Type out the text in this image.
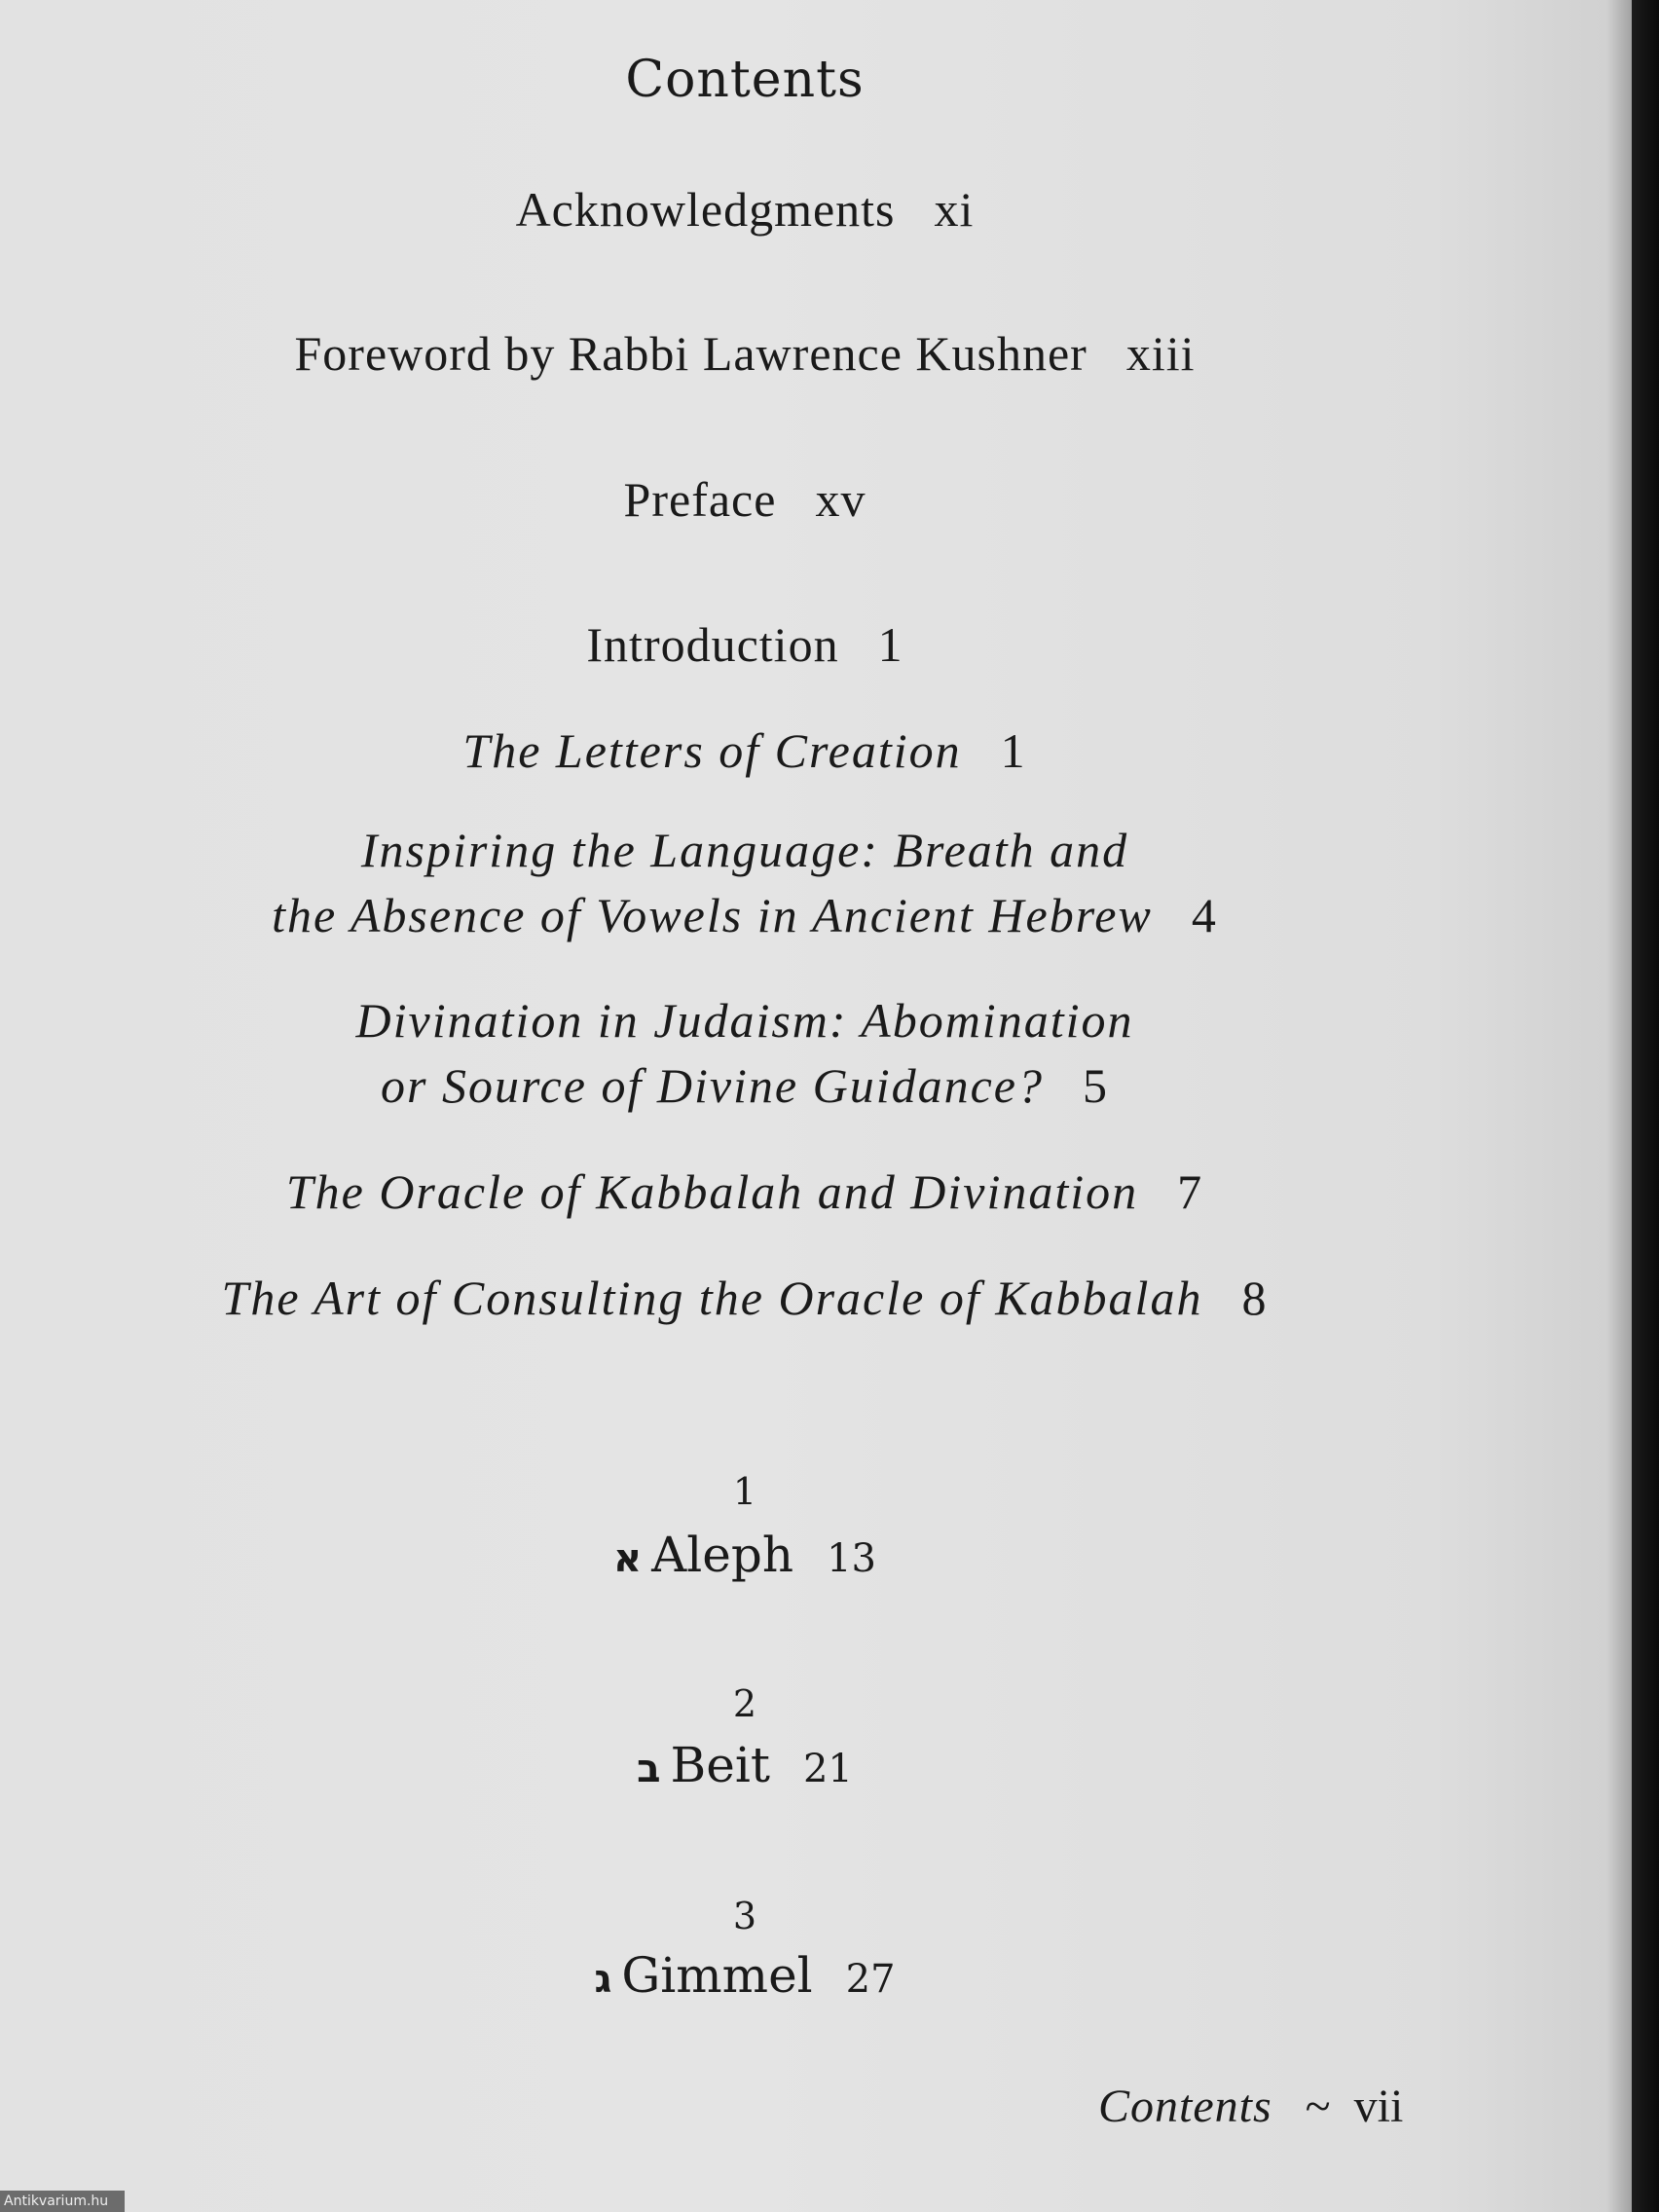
Contents
Acknowledgments xi
Foreword by Rabbi Lawrence Kushner xiii
Preface xv
Introduction 1
The Letters of Creation 1
Inspiring the Language: Breath and
the Absence of Vowels in Ancient Hebrew 4
Divination in Judaism: Abomination
or Source of Divine Guidance? 5
The Oracle of Kabbalah and Divination 7
The Art of Consulting the Oracle of Kabbalah 8
1
א Aleph 13
2
ב Beit 21
3
ג Gimmel 27
Contents ~ vii
Antikvarium.hu
